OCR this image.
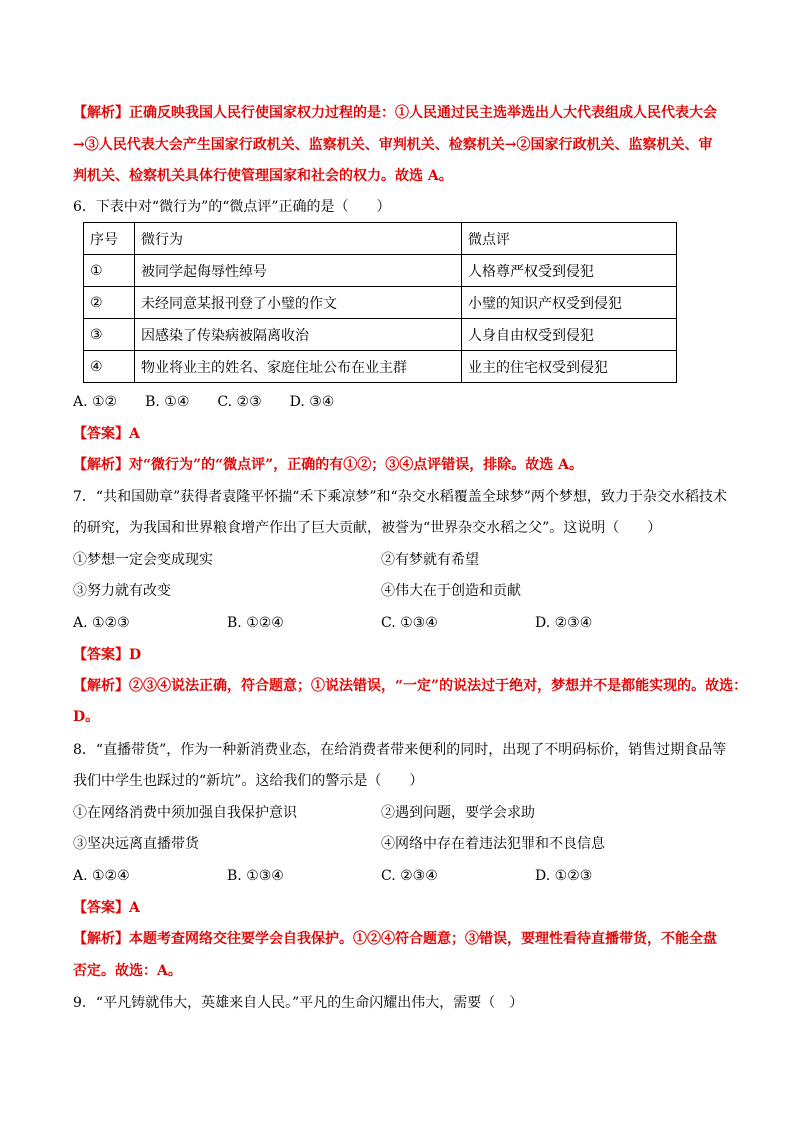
【解析】正确反映我国人民行使国家权力过程的是：①人民通过民主选举选出人大代表组成人民代表大会
→③人民代表大会产生国家行政机关、监察机关、审判机关、检察机关→②国家行政机关、监察机关、审
判机关、检察机关具体行使管理国家和社会的权力。故选 A。
6．下表中对“微行为”的“微点评”正确的是（　　）
序号	微行为	微点评
①	被同学起侮辱性绰号	人格尊严权受到侵犯
②	未经同意某报刊登了小璧的作文	小璧的知识产权受到侵犯
③	因感染了传染病被隔离收治	人身自由权受到侵犯
④	物业将业主的姓名、家庭住址公布在业主群	业主的住宅权受到侵犯
A. ①②　　B. ①④　　C. ②③　　D. ③④
【答案】A
【解析】对“微行为”的“微点评”，正确的有①②；③④点评错误，排除。故选 A。
7．“共和国勋章”获得者袁隆平怀揣“禾下乘凉梦”和“杂交水稻覆盖全球梦”两个梦想，致力于杂交水稻技术
的研究，为我国和世界粮食增产作出了巨大贡献，被誉为“世界杂交水稻之父”。这说明（　　）
①梦想一定会变成现实	②有梦就有希望
③努力就有改变	④伟大在于创造和贡献
A. ①②③	B. ①②④	C. ①③④	D. ②③④
【答案】D
【解析】②③④说法正确，符合题意；①说法错误，“一定”的说法过于绝对，梦想并不是都能实现的。故选：
D。
8．“直播带货”，作为一种新消费业态，在给消费者带来便利的同时，出现了不明码标价，销售过期食品等
我们中学生也踩过的“新坑”。这给我们的警示是（　　）
①在网络消费中须加强自我保护意识	②遇到问题，要学会求助
③坚决远离直播带货	④网络中存在着违法犯罪和不良信息
A. ①②④	B. ①③④	C. ②③④	D. ①②③
【答案】A
【解析】本题考查网络交往要学会自我保护。①②④符合题意；③错误，要理性看待直播带货，不能全盘
否定。故选：A。
9．“平凡铸就伟大，英雄来自人民。”平凡的生命闪耀出伟大，需要（　）
